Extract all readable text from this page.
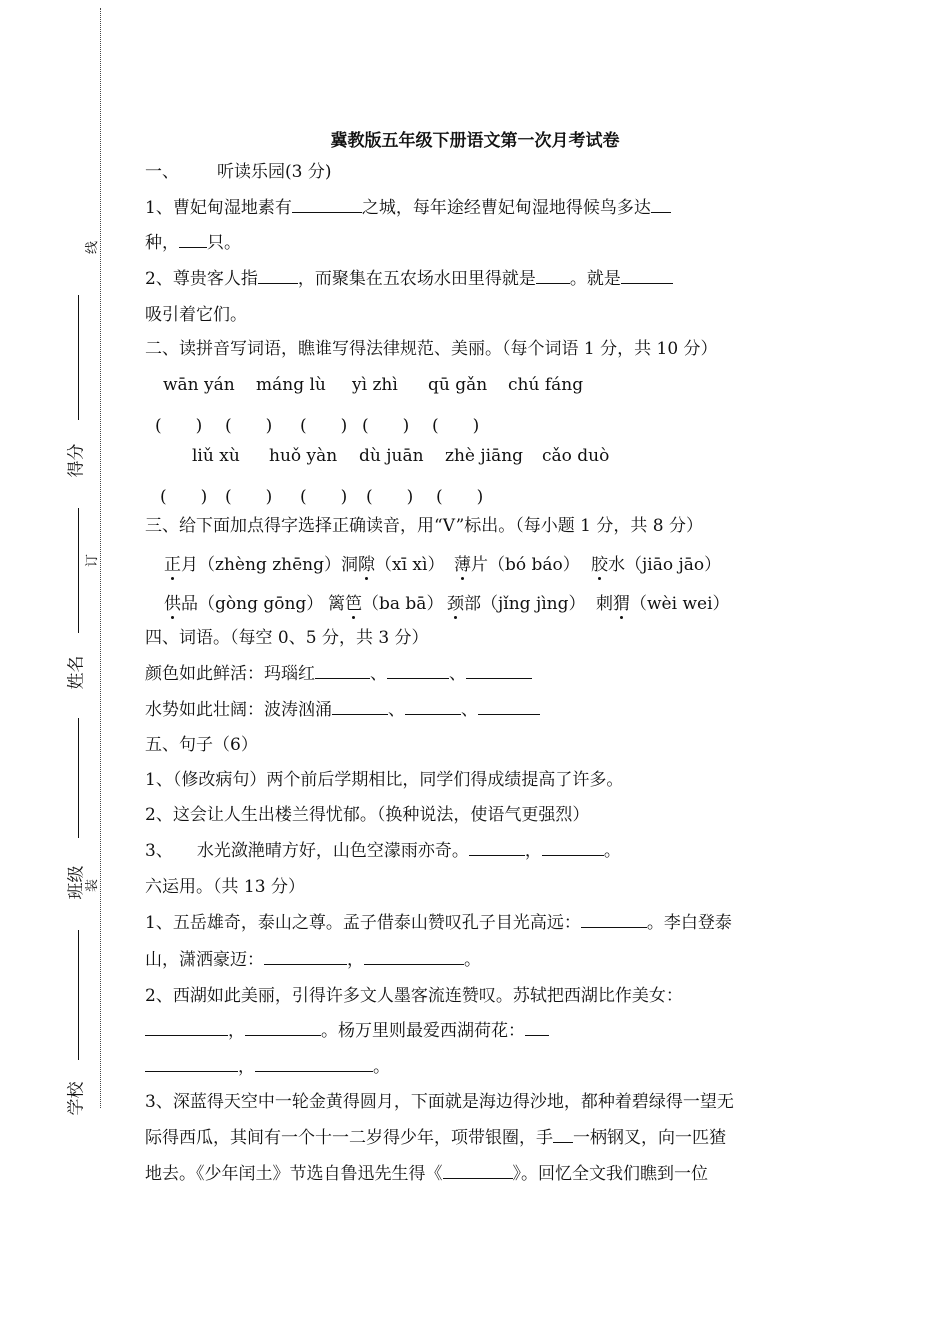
线
订
装
得分
姓名
班级
学校
冀教版五年级下册语文第一次月考试卷
一、 听读乐园(3 分)
1、曹妃甸湿地素有	之城，每年途经曹妃甸湿地得候鸟多达
种， 只。
2、尊贵客人指 ，而聚集在五农场水田里得就是 。就是
吸引着它们。
二、读拼音写词语，瞧谁写得法律规范、美丽。（每个词语 1 分，共 10 分）
wān yán máng lù yì zhì qū gǎn chú fáng
(　　) (　　) (　　) (　　) (　　)
liǔ xù huǒ yàn dù juān zhè jiāng cǎo duò
(　　) (　　) (　　) (　　) (　　)
三、给下面加点得字选择正确读音，用“V”标出。（每小题 1 分，共 8 分）
正月（zhèng zhēng） 洞隙（xī xì） 薄片（bó báo） 胶水（jiāo jāo）
供品（gòng gōng） 篱笆（ba bā） 颈部（jǐng jìng） 刺猬（wèi wei）
四、词语。（每空 0、5 分，共 3 分）
颜色如此鲜活：玛瑙红	、	、
水势如此壮阔：波涛汹涌	、	、
五、句子（6）
1、（修改病句）两个前后学期相比，同学们得成绩提高了许多。
2、这会让人生出楼兰得忧郁。（换种说法，使语气更强烈）
3、 水光潋滟晴方好，山色空濛雨亦奇。	，	。
六运用。（共 13 分）
1、五岳雄奇，泰山之尊。孟子借泰山赞叹孔子目光高远：	。李白登泰
山，潇洒豪迈：	，	。
2、西湖如此美丽，引得许多文人墨客流连赞叹。苏轼把西湖比作美女：
，	。杨万里则最爱西湖荷花：
，	。
3、深蓝得天空中一轮金黄得圆月，下面就是海边得沙地，都种着碧绿得一望无
际得西瓜，其间有一个十一二岁得少年，项带银圈，手 一柄钢叉，向一匹猹
地去。《少年闰土》节选自鲁迅先生得《	》。回忆全文我们瞧到一位
